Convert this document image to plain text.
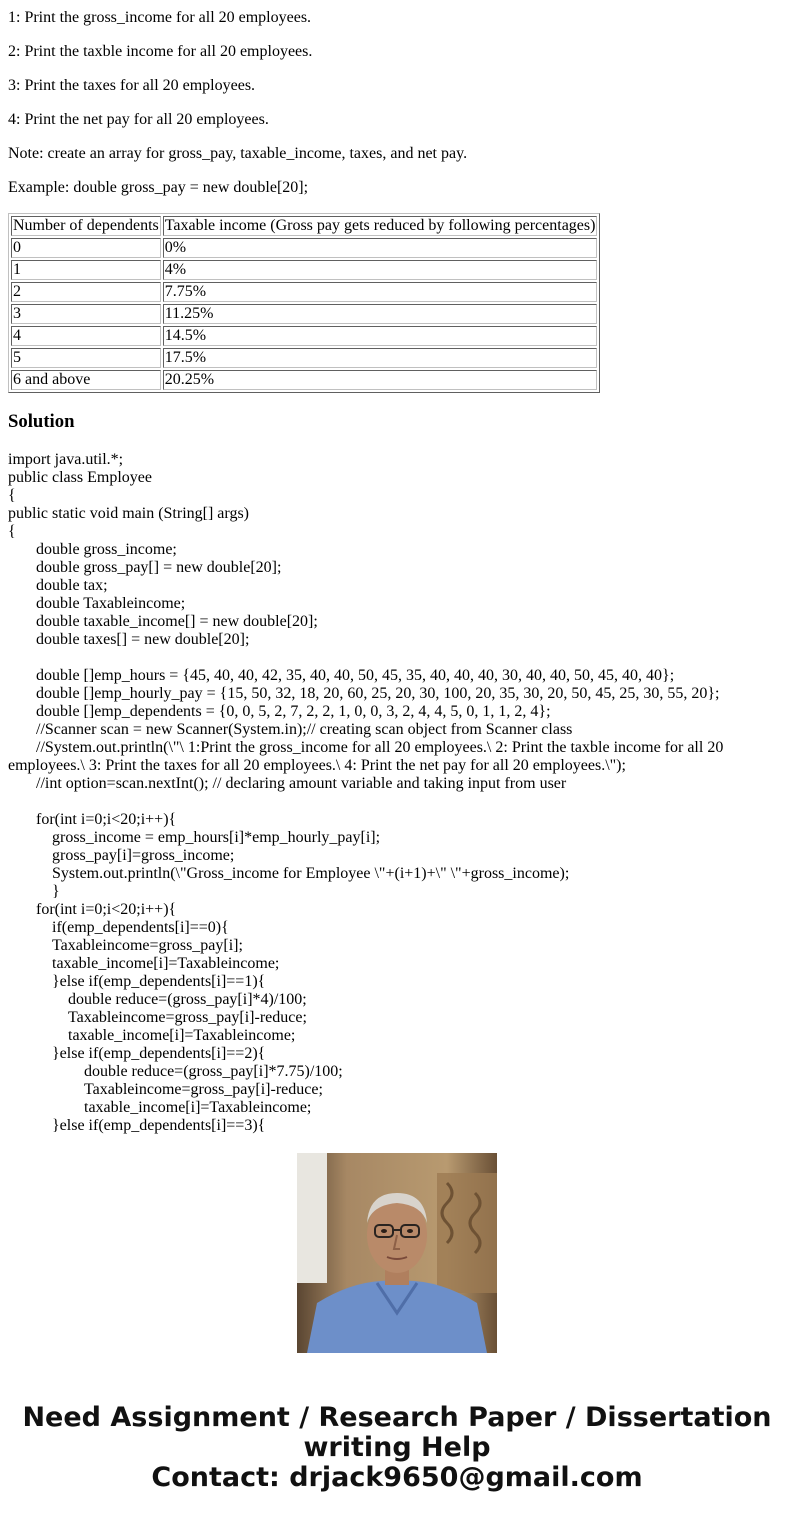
1: Print the gross_income for all 20 employees.

2: Print the taxble income for all 20 employees.

3: Print the taxes for all 20 employees.

4: Print the net pay for all 20 employees.

Note: create an array for gross_pay, taxable_income, taxes, and net pay.

Example: double gross_pay = new double[20];

Number of dependents	Taxable income (Gross pay gets reduced by following percentages)
0	0%
1	4%
2	7.75%
3	11.25%
4	14.5%
5	17.5%
6 and above	20.25%
Solution
import java.util.*;
public class Employee
{
public static void main (String[] args)
{
double gross_income;
double gross_pay[] = new double[20];
double tax;
double Taxableincome;
double taxable_income[] = new double[20];
double taxes[] = new double[20];
double []emp_hours = {45, 40, 40, 42, 35, 40, 40, 50, 45, 35, 40, 40, 40, 30, 40, 40, 50, 45, 40, 40};
double []emp_hourly_pay = {15, 50, 32, 18, 20, 60, 25, 20, 30, 100, 20, 35, 30, 20, 50, 45, 25, 30, 55, 20};
double []emp_dependents = {0, 0, 5, 2, 7, 2, 2, 1, 0, 0, 3, 2, 4, 4, 5, 0, 1, 1, 2, 4};
//Scanner scan = new Scanner(System.in);// creating scan object from Scanner class
//System.out.println(\"\ 1:Print the gross_income for all 20 employees.\ 2: Print the taxble income for all 20 employees.\ 3: Print the taxes for all 20 employees.\ 4: Print the net pay for all 20 employees.\");
//int option=scan.nextInt(); // declaring amount variable and taking input from user
for(int i=0;i<20;i++){
gross_income = emp_hours[i]*emp_hourly_pay[i];
gross_pay[i]=gross_income;
System.out.println(\"Gross_income for Employee \"+(i+1)+\" \"+gross_income);
}
for(int i=0;i<20;i++){
if(emp_dependents[i]==0){
Taxableincome=gross_pay[i];
taxable_income[i]=Taxableincome;
}else if(emp_dependents[i]==1){
double reduce=(gross_pay[i]*4)/100;
Taxableincome=gross_pay[i]-reduce;
taxable_income[i]=Taxableincome;
}else if(emp_dependents[i]==2){
double reduce=(gross_pay[i]*7.75)/100;
Taxableincome=gross_pay[i]-reduce;
taxable_income[i]=Taxableincome;
}else if(emp_dependents[i]==3){
Need Assignment / Research Paper / Dissertation
writing Help
Contact: drjack9650@gmail.com
